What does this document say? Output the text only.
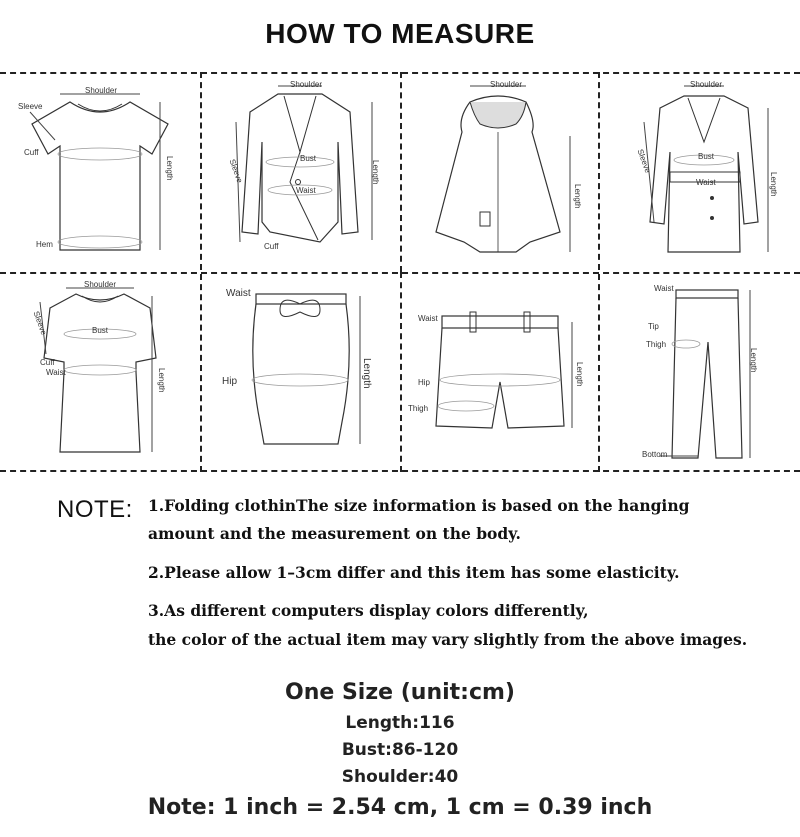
HOW TO MEASURE
Shoulder
Sleeve
Cuff
Hem
Length
Shoulder
Bust
Waist
Sleeve
Cuff
Length
Shoulder
Length
Shoulder
Bust
Waist
Sleeve
Length
Shoulder
Bust
Sleeve
Cuff
Waist	Length
Waist
Hip	Length
Waist
Hip
Thigh
Length
Waist
Tip
Thigh
Bottom
Length
NOTE: 1.Folding clothinThe size information is based on the hanging
amount and the measurement on the body.
2.Please allow 1–3cm differ and this item has some elasticity.
3.As different computers display colors differently,
the color of the actual item may vary slightly from the above images.
One Size (unit:cm)
Length:116
Bust:86-120
Shoulder:40
Note: 1 inch = 2.54 cm, 1 cm = 0.39 inch
